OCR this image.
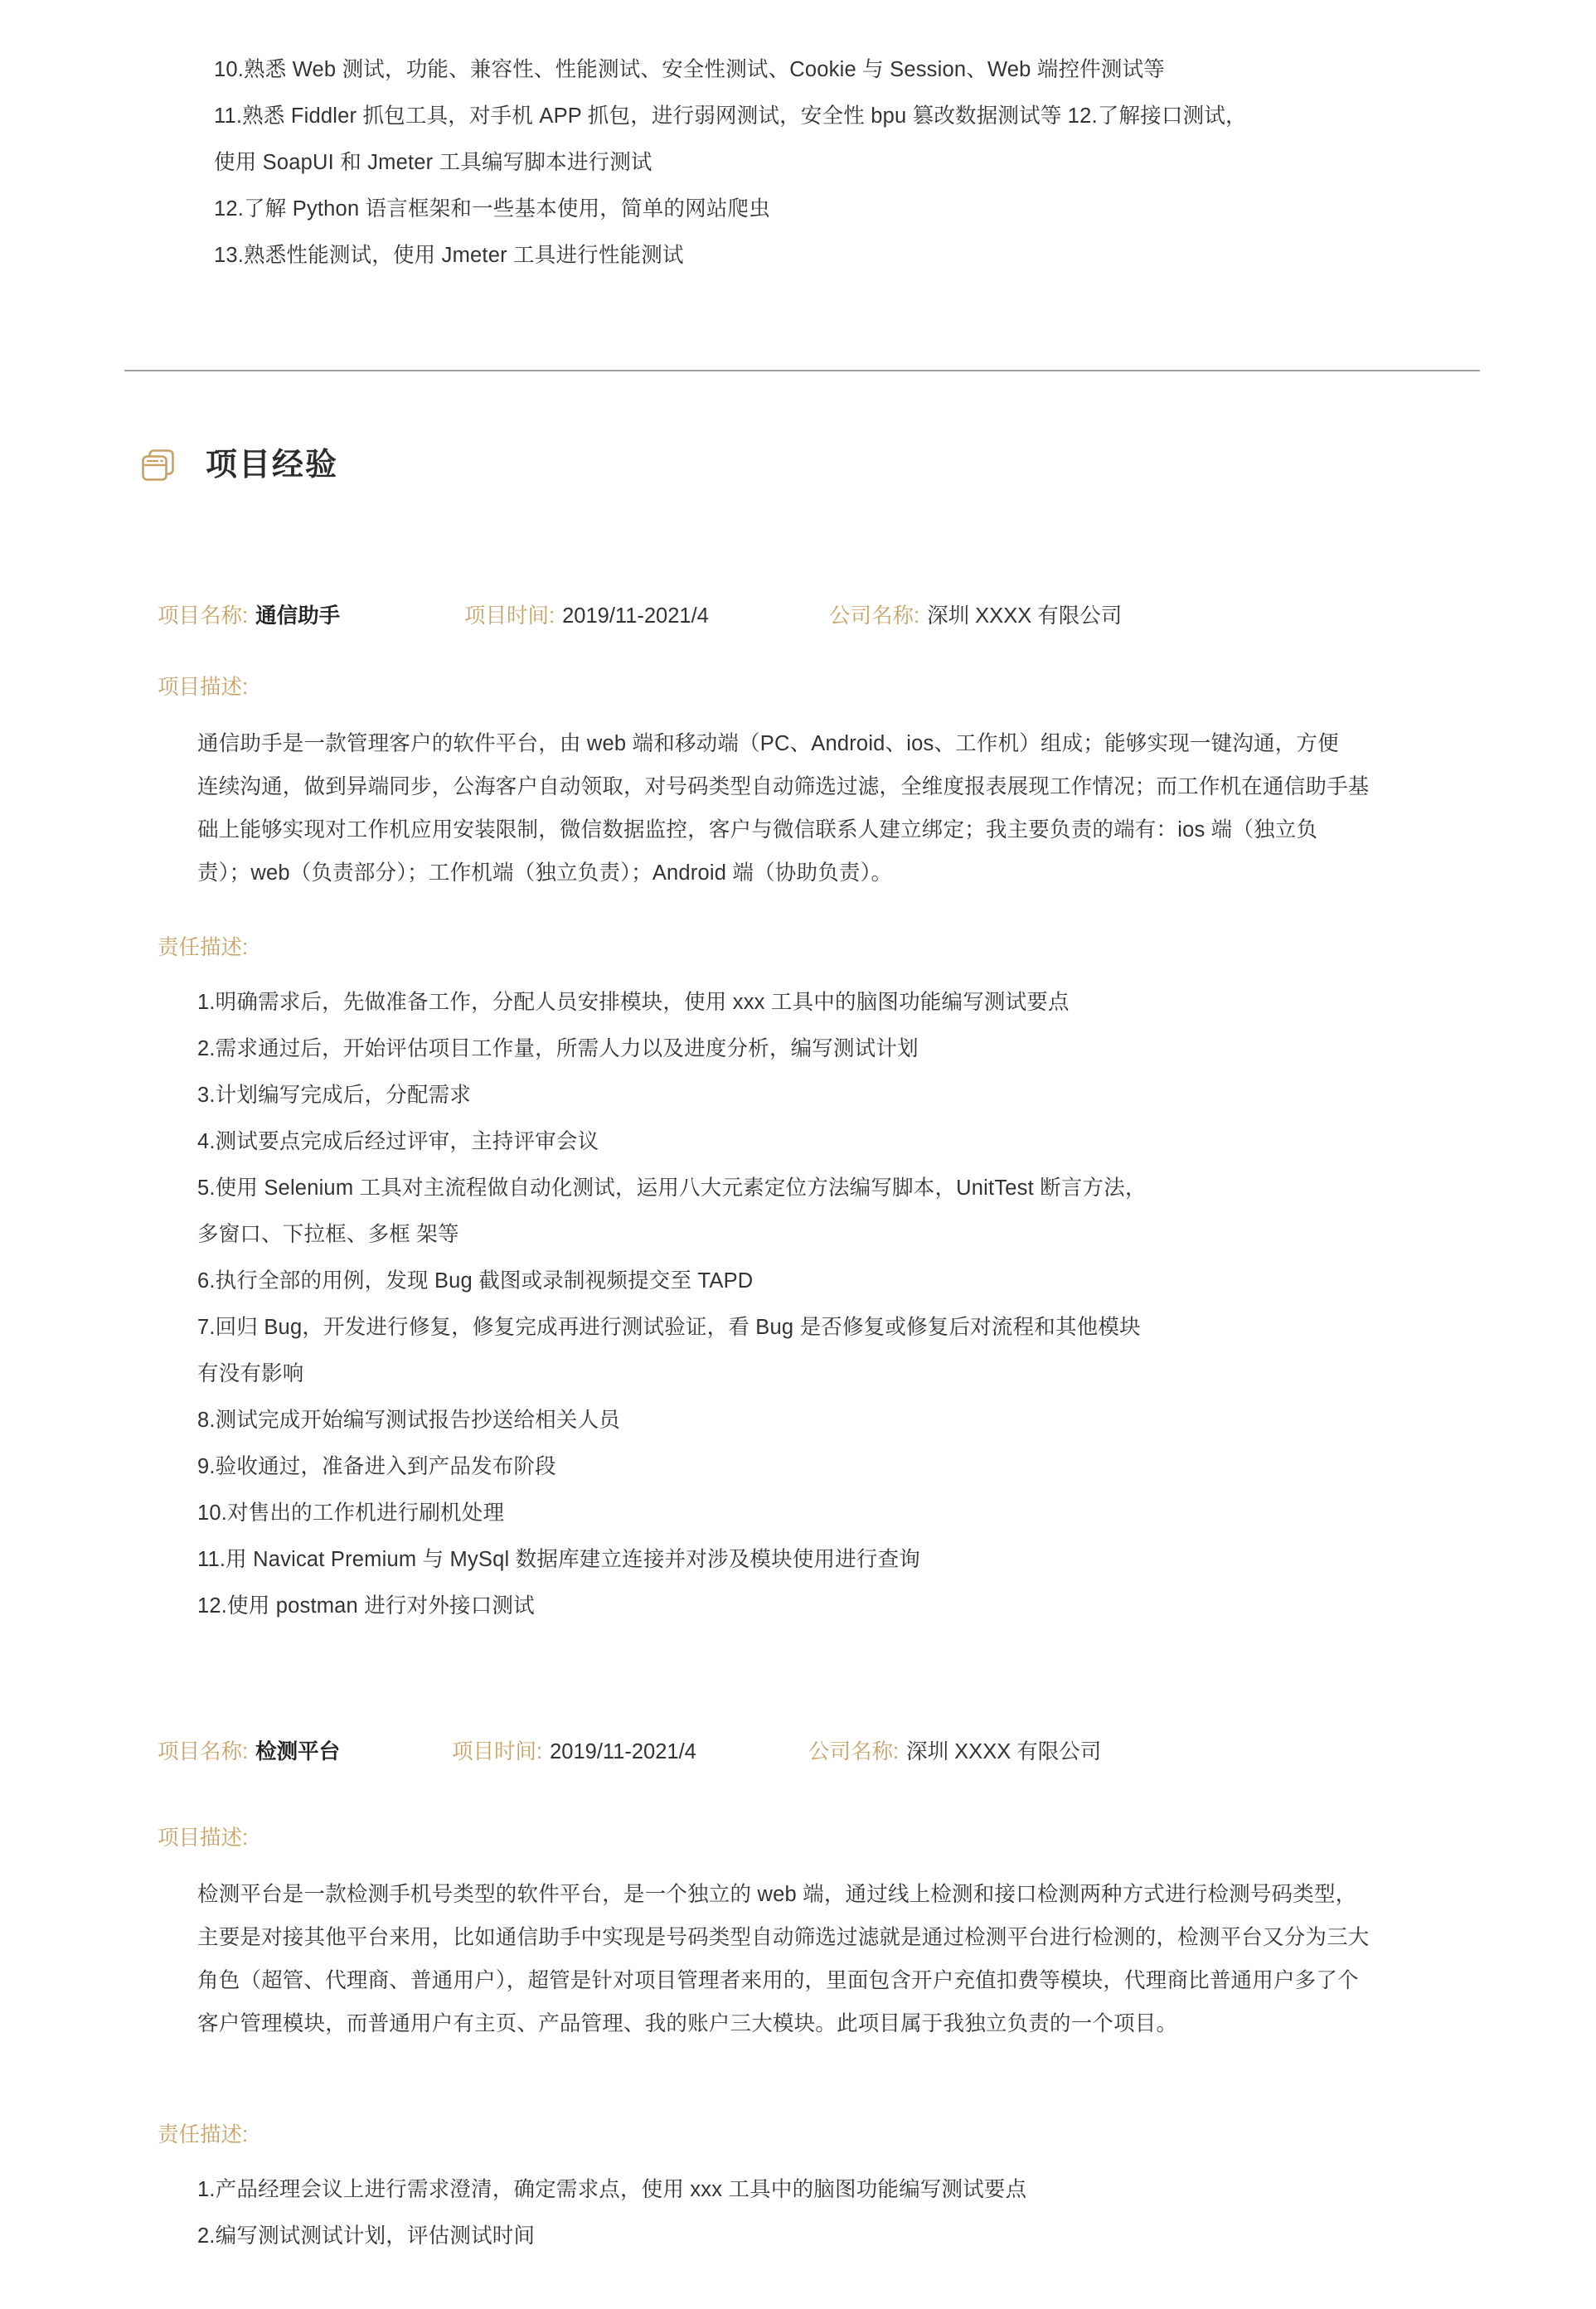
10.熟悉 Web 测试，功能、兼容性、性能测试、安全性测试、Cookie 与 Session、Web 端控件测试等
11.熟悉 Fiddler 抓包工具，对手机 APP 抓包，进行弱网测试，安全性 bpu 篡改数据测试等 12.了解接口测试，
使用 SoapUI 和 Jmeter 工具编写脚本进行测试
12.了解 Python 语言框架和一些基本使用，简单的网站爬虫
13.熟悉性能测试，使用 Jmeter 工具进行性能测试
项目经验
项目名称: 通信助手	项目时间: 2019/11-2021/4	公司名称: 深圳 XXXX 有限公司
项目描述:
通信助手是一款管理客户的软件平台，由 web 端和移动端（PC、Android、ios、工作机）组成；能够实现一键沟通，方便
连续沟通，做到异端同步，公海客户自动领取，对号码类型自动筛选过滤，全维度报表展现工作情况；而工作机在通信助手基
础上能够实现对工作机应用安装限制，微信数据监控，客户与微信联系人建立绑定；我主要负责的端有：ios 端（独立负
责）；web（负责部分）；工作机端（独立负责）；Android 端（协助负责）。
责任描述:
1.明确需求后，先做准备工作，分配人员安排模块，使用 xxx 工具中的脑图功能编写测试要点
2.需求通过后，开始评估项目工作量，所需人力以及进度分析，编写测试计划
3.计划编写完成后，分配需求
4.测试要点完成后经过评审，主持评审会议
5.使用 Selenium 工具对主流程做自动化测试，运用八大元素定位方法编写脚本，UnitTest 断言方法，
多窗口、下拉框、多框 架等
6.执行全部的用例，发现 Bug 截图或录制视频提交至 TAPD
7.回归 Bug，开发进行修复，修复完成再进行测试验证，看 Bug 是否修复或修复后对流程和其他模块
有没有影响
8.测试完成开始编写测试报告抄送给相关人员
9.验收通过，准备进入到产品发布阶段
10.对售出的工作机进行刷机处理
11.用 Navicat Premium 与 MySql 数据库建立连接并对涉及模块使用进行查询
12.使用 postman 进行对外接口测试
项目名称: 检测平台	项目时间: 2019/11-2021/4	公司名称: 深圳 XXXX 有限公司
项目描述:
检测平台是一款检测手机号类型的软件平台，是一个独立的 web 端，通过线上检测和接口检测两种方式进行检测号码类型，
主要是对接其他平台来用，比如通信助手中实现是号码类型自动筛选过滤就是通过检测平台进行检测的，检测平台又分为三大
角色（超管、代理商、普通用户），超管是针对项目管理者来用的，里面包含开户充值扣费等模块，代理商比普通用户多了个
客户管理模块，而普通用户有主页、产品管理、我的账户三大模块。此项目属于我独立负责的一个项目。
责任描述:
1.产品经理会议上进行需求澄清，确定需求点，使用 xxx 工具中的脑图功能编写测试要点
2.编写测试测试计划，评估测试时间
